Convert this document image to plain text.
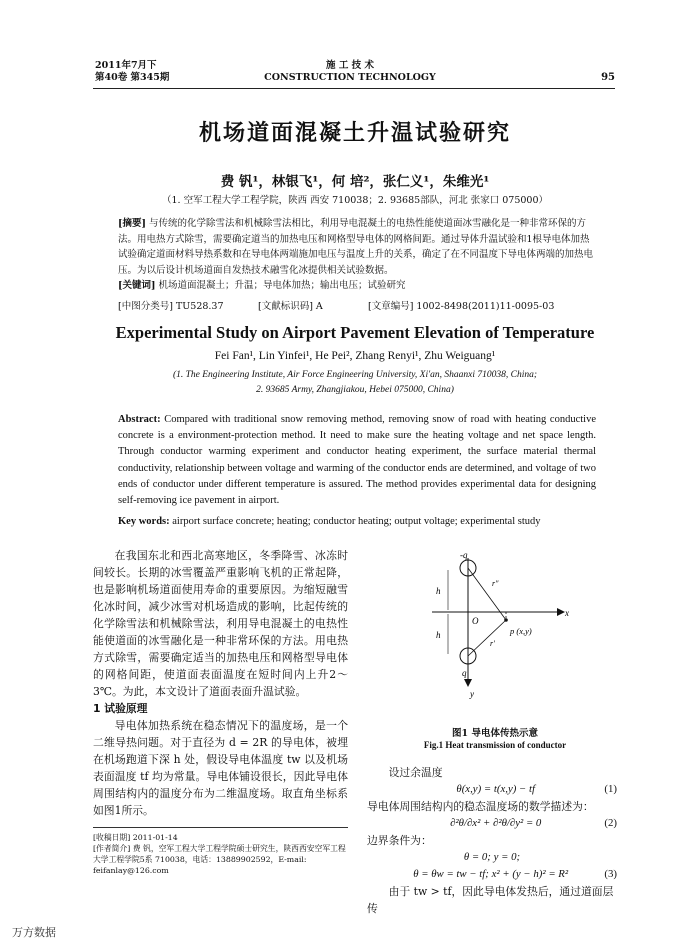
2011年7月下
第40卷 第345期
施 工 技 术
CONSTRUCTION TECHNOLOGY	95
机场道面混凝土升温试验研究
费 钒¹，林银飞¹，何 培²，张仁义¹，朱维光¹
（1. 空军工程大学工程学院，陕西 西安 710038；2. 93685部队，河北 张家口 075000）
[摘要] 与传统的化学除雪法和机械除雪法相比，利用导电混凝土的电热性能使道面冰雪融化是一种非常环保的方法。用电热方式除雪，需要确定道当的加热电压和网格型导电体的网格间距。通过导体升温试验和1根导电体加热试验确定道面材料导热系数和在导电体两端施加电压与温度上升的关系，确定了在不同温度下导电体两端的加热电压。为以后设计机场道面自发热技术融雪化冰提供相关试验数据。
[关键词] 机场道面混凝土；升温；导电体加热；输出电压；试验研究
[中图分类号] TU528.37	[文献标识码] A	[文章编号] 1002-8498(2011)11-0095-03
Experimental Study on Airport Pavement Elevation of Temperature
Fei Fan¹, Lin Yinfei¹, He Pei², Zhang Renyi¹, Zhu Weiguang¹
(1. The Engineering Institute, Air Force Engineering University, Xi'an, Shaanxi 710038, China;
2. 93685 Army, Zhangjiakou, Hebei 075000, China)
Abstract: Compared with traditional snow removing method, removing snow of road with heating conductive concrete is a environment-protection method. It need to make sure the heating voltage and net space length. Through conductor warming experiment and conductor heating experiment, the surface material thermal conductivity, relationship between voltage and warming of the conductor ends are determined, and voltage of two ends of conductor under different temperature is assured. The method provides experimental data for designing self-removing ice pavement in airport.
Key words: airport surface concrete; heating; conductor heating; output voltage; experimental study

在我国东北和西北高寒地区，冬季降雪、冰冻时间较长。长期的冰雪覆盖严重影响飞机的正常起降，也是影响机场道面使用寿命的重要原因。为缩短融雪化冰时间，减少冰雪对机场造成的影响，比起传统的化学除雪法和机械除雪法，利用导电混凝土的电热性能使道面的冰雪融化是一种非常环保的方法。用电热方式除雪，需要确定适当的加热电压和网格型导电体的网格间距，使道面表面温度在短时间内上升2～3℃。为此，本文设计了道面表面升温试验。

1 试验原理

导电体加热系统在稳态情况下的温度场，是一个二维导热问题。对于直径为 d = 2R 的导电体，被埋在机场跑道下深 h 处，假设导电体温度 tw 以及机场表面温度 tf 均为常量。导电体铺设很长，因此导电体周围结构内的温度分布为二维温度场。取直角坐标系如图1所示。

[收稿日期] 2011-01-14
[作者简介] 费 钒，空军工程大学工程学院硕士研究生，陕西西安空军工程大学工程学院5系 710038，电话：13889902592，E-mail: feifanlay@126.com
-q
h
h
O
x
y
r″
r′
p (x,y)
q
图1 导电体传热示意
Fig.1 Heat transmission of conductor
设过余温度
θ(x,y) = t(x,y) − tf	(1)
导电体周围结构内的稳态温度场的数学描述为：
∂²θ/∂x² + ∂²θ/∂y² = 0	(2)
边界条件为：
θ = 0; y = 0;
θ = θw = tw − tf; x² + (y − h)² = R²	(3)
由于 tw > tf，因此导电体发热后，通过道面层传
万方数据
